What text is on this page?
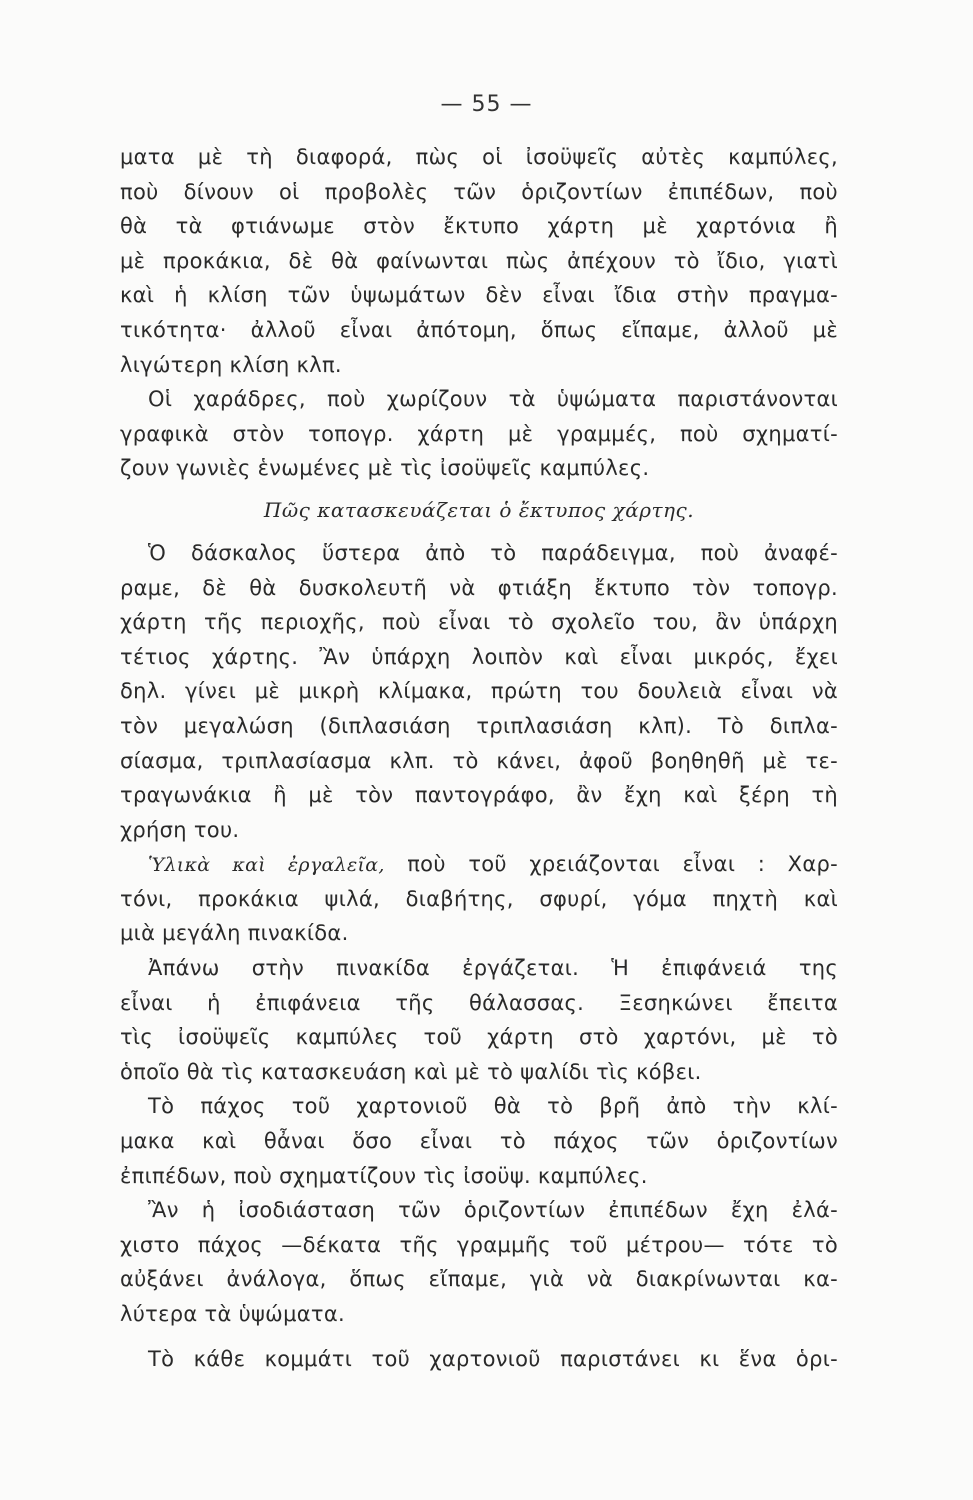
— 55 —
ματα μὲ τὴ διαφορά, πὼς οἱ ἰσοϋψεῖς αὐτὲς καμπύλες,
ποὺ δίνουν οἱ προβολὲς τῶν ὁριζοντίων ἐπιπέδων, ποὺ
θὰ τὰ φτιάνωμε στὸν ἔκτυπο χάρτη μὲ χαρτόνια ἢ
μὲ προκάκια, δὲ θὰ φαίνωνται πὼς ἀπέχουν τὸ ἴδιο, γιατὶ
καὶ ἡ κλίση τῶν ὑψωμάτων δὲν εἶναι ἴδια στὴν πραγμα-
τικότητα· ἀλλοῦ εἶναι ἀπότομη, ὅπως εἴπαμε, ἀλλοῦ μὲ
λιγώτερη κλίση κλπ.
Οἱ χαράδρες, ποὺ χωρίζουν τὰ ὑψώματα παριστάνονται
γραφικὰ στὸν τοπογρ. χάρτη μὲ γραμμές, ποὺ σχηματί-
ζουν γωνιὲς ἑνωμένες μὲ τὶς ἰσοϋψεῖς καμπύλες.
Πῶς κατασκευάζεται ὁ ἔκτυπος χάρτης.
Ὁ δάσκαλος ὕστερα ἀπὸ τὸ παράδειγμα, ποὺ ἀναφέ-
ραμε, δὲ θὰ δυσκολευτῆ νὰ φτιάξη ἔκτυπο τὸν τοπογρ.
χάρτη τῆς περιοχῆς, ποὺ εἶναι τὸ σχολεῖο του, ἂν ὑπάρχη
τέτιος χάρτης. Ἂν ὑπάρχη λοιπὸν καὶ εἶναι μικρός, ἔχει
δηλ. γίνει μὲ μικρὴ κλίμακα, πρώτη του δουλειὰ εἶναι νὰ
τὸν μεγαλώση (διπλασιάση τριπλασιάση κλπ). Τὸ διπλα-
σίασμα, τριπλασίασμα κλπ. τὸ κάνει, ἀφοῦ βοηθηθῆ μὲ τε-
τραγωνάκια ἢ μὲ τὸν παντογράφο, ἂν ἔχη καὶ ξέρη τὴ
χρήση του.
Ὑλικὰ καὶ ἐργαλεῖα, ποὺ τοῦ χρειάζονται εἶναι : Χαρ-
τόνι, προκάκια ψιλά, διαβήτης, σφυρί, γόμα πηχτὴ καὶ
μιὰ μεγάλη πινακίδα.
Ἀπάνω στὴν πινακίδα ἐργάζεται. Ἡ ἐπιφάνειά της
εἶναι ἡ ἐπιφάνεια τῆς θάλασσας. Ξεσηκώνει ἔπειτα
τὶς ἰσοϋψεῖς καμπύλες τοῦ χάρτη στὸ χαρτόνι, μὲ τὸ
ὁποῖο θὰ τὶς κατασκευάση καὶ μὲ τὸ ψαλίδι τὶς κόβει.
Τὸ πάχος τοῦ χαρτονιοῦ θὰ τὸ βρῆ ἀπὸ τὴν κλί-
μακα καὶ θἆναι ὅσο εἶναι τὸ πάχος τῶν ὁριζοντίων
ἐπιπέδων, ποὺ σχηματίζουν τὶς ἰσοϋψ. καμπύλες.
Ἂν ἡ ἰσοδιάσταση τῶν ὁριζοντίων ἐπιπέδων ἔχη ἐλά-
χιστο πάχος —δέκατα τῆς γραμμῆς τοῦ μέτρου— τότε τὸ
αὐξάνει ἀνάλογα, ὅπως εἴπαμε, γιὰ νὰ διακρίνωνται κα-
λύτερα τὰ ὑψώματα.
Τὸ κάθε κομμάτι τοῦ χαρτονιοῦ παριστάνει κι ἕνα ὁρι-
